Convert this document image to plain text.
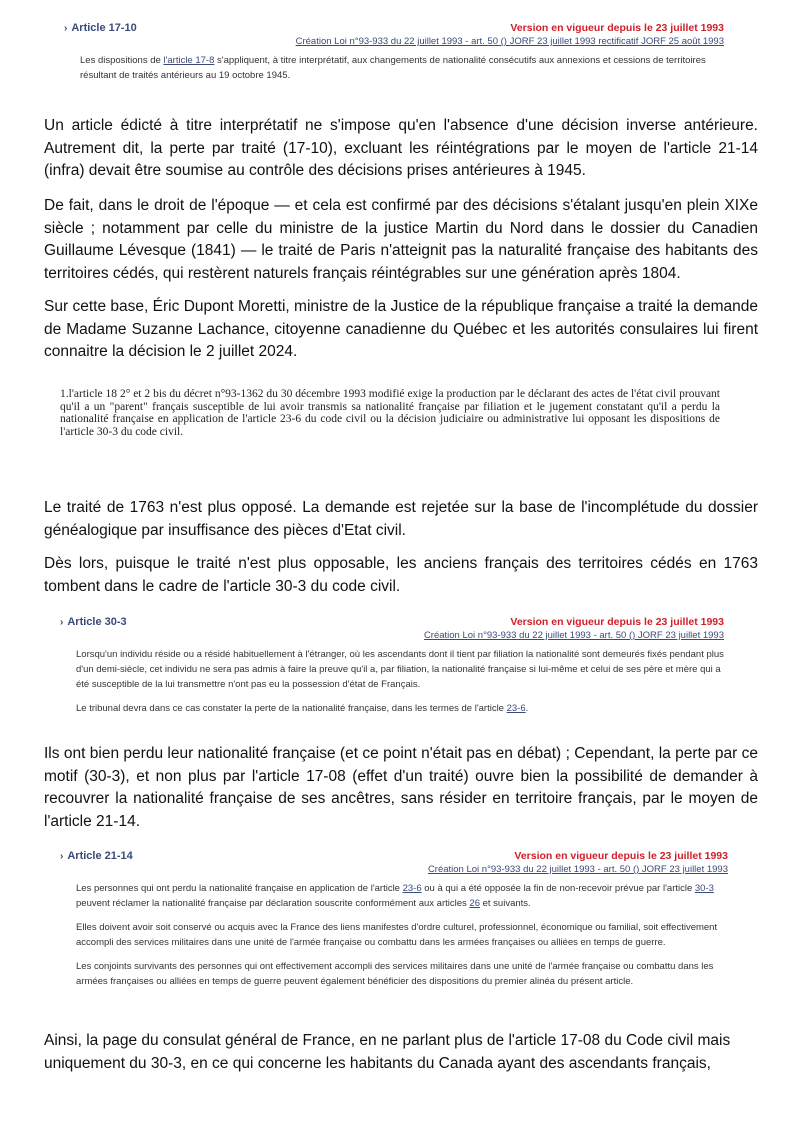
› Article 17-10	Version en vigueur depuis le 23 juillet 1993
Création Loi n°93-933 du 22 juillet 1993 - art. 50 () JORF 23 juillet 1993 rectificatif JORF 25 août 1993
Les dispositions de l'article 17-8 s'appliquent, à titre interprétatif, aux changements de nationalité consécutifs aux annexions et cessions de territoires résultant de traités antérieurs au 19 octobre 1945.

Un article édicté à titre interprétatif ne s'impose qu'en l'absence d'une décision inverse antérieure. Autrement dit, la perte par traité (17-10), excluant les réintégrations par le moyen de l'article 21-14 (infra) devait être soumise au contrôle des décisions prises antérieures à 1945.

De fait, dans le droit de l'époque — et cela est confirmé par des décisions s'étalant jusqu'en plein XIXe siècle ; notamment par celle du ministre de la justice Martin du Nord dans le dossier du Canadien Guillaume Lévesque (1841) — le traité de Paris n'atteignit pas la naturalité française des habitants des territoires cédés, qui restèrent naturels français réintégrables sur une génération après 1804.

Sur cette base, Éric Dupont Moretti, ministre de la Justice de la république française a traité la demande de Madame Suzanne Lachance, citoyenne canadienne du Québec et les autorités consulaires lui firent connaitre la décision le 2 juillet 2024.

1.l'article 18 2° et 2 bis du décret n°93-1362 du 30 décembre 1993 modifié exige la production par le déclarant des actes de l'état civil prouvant qu'il a un "parent" français susceptible de lui avoir transmis sa nationalité française par filiation et le jugement constatant qu'il a perdu la nationalité française en application de l'article 23-6 du code civil ou la décision judiciaire ou administrative lui opposant les dispositions de l'article 30-3 du code civil.

Le traité de 1763 n'est plus opposé. La demande est rejetée sur la base de l'incomplétude du dossier généalogique par insuffisance des pièces d'Etat civil.

Dès lors, puisque le traité n'est plus opposable, les anciens français des territoires cédés en 1763 tombent dans le cadre de l'article 30-3 du code civil.

› Article 30-3	Version en vigueur depuis le 23 juillet 1993
Création Loi n°93-933 du 22 juillet 1993 - art. 50 () JORF 23 juillet 1993

Lorsqu'un individu réside ou a résidé habituellement à l'étranger, où les ascendants dont il tient par filiation la nationalité sont demeurés fixés pendant plus d'un demi-siècle, cet individu ne sera pas admis à faire la preuve qu'il a, par filiation, la nationalité française si lui-même et celui de ses père et mère qui a été susceptible de la lui transmettre n'ont pas eu la possession d'état de Français.

Le tribunal devra dans ce cas constater la perte de la nationalité française, dans les termes de l'article 23-6.

Ils ont bien perdu leur nationalité française (et ce point n'était pas en débat) ; Cependant, la perte par ce motif (30-3), et non plus par l'article 17-08 (effet d'un traité) ouvre bien la possibilité de demander à recouvrer la nationalité française de ses ancêtres, sans résider en territoire français, par le moyen de l'article 21-14.

› Article 21-14	Version en vigueur depuis le 23 juillet 1993
Création Loi n°93-933 du 22 juillet 1993 - art. 50 () JORF 23 juillet 1993

Les personnes qui ont perdu la nationalité française en application de l'article 23-6 ou à qui a été opposée la fin de non-recevoir prévue par l'article 30-3 peuvent réclamer la nationalité française par déclaration souscrite conformément aux articles 26 et suivants.

Elles doivent avoir soit conservé ou acquis avec la France des liens manifestes d'ordre culturel, professionnel, économique ou familial, soit effectivement accompli des services militaires dans une unité de l'armée française ou combattu dans les armées françaises ou alliées en temps de guerre.

Les conjoints survivants des personnes qui ont effectivement accompli des services militaires dans une unité de l'armée française ou combattu dans les armées françaises ou alliées en temps de guerre peuvent également bénéficier des dispositions du premier alinéa du présent article.

Ainsi, la page du consulat général de France, en ne parlant plus de l'article 17-08 du Code civil mais uniquement du 30-3, en ce qui concerne les habitants du Canada ayant des ascendants français,
